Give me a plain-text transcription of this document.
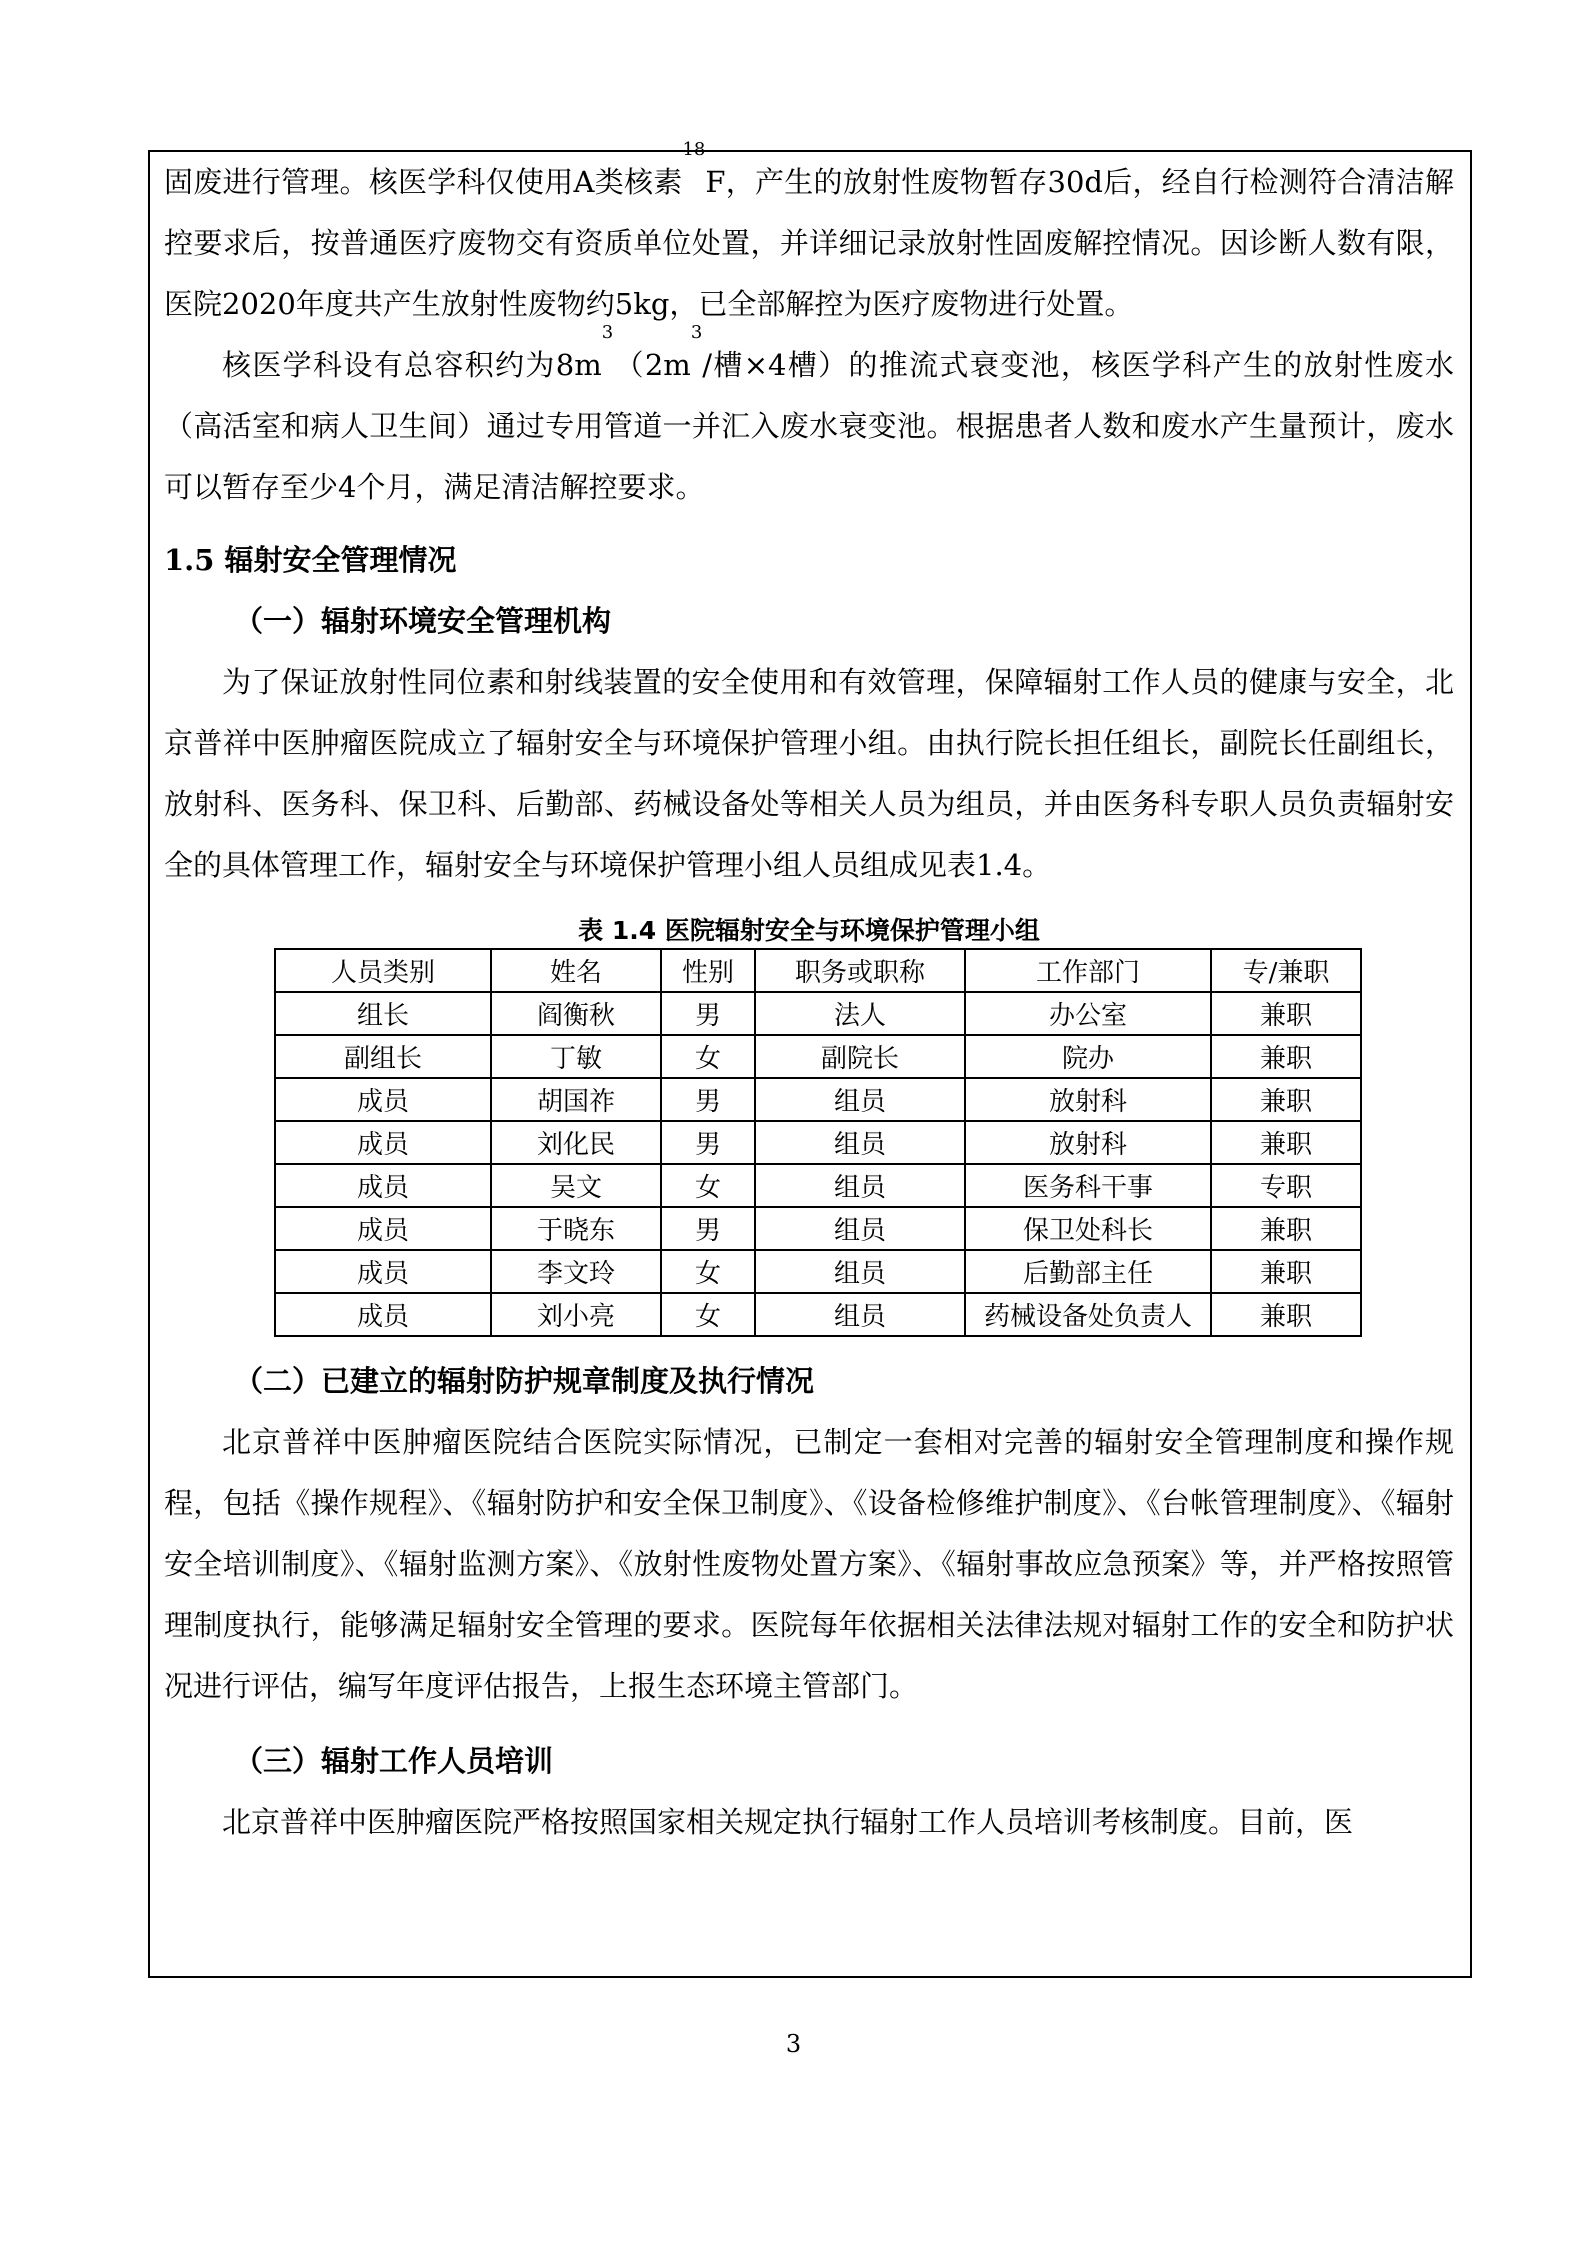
固废进行管理。核医学科仅使用A类核素$^{18}$F，产生的放射性废物暂存30d后，经自行检测符合清洁解控要求后，按普通医疗废物交有资质单位处置，并详细记录放射性固废解控情况。因诊断人数有限，医院2020年度共产生放射性废物约5kg，已全部解控为医疗废物进行处置。

核医学科设有总容积约为$8m^3(2m^3/$槽×4槽）的推流式衰变池，核医学科产生的放射性废水（高活室和病人卫生间）通过专用管道一并汇入废水衰变池。根据患者人数和废水产生量预计，废水可以暂存至少4个月，满足清洁解控要求。

1.5 辐射安全管理情况
（一）辐射环境安全管理机构

为了保证放射性同位素和射线装置的安全使用和有效管理，保障辐射工作人员的健康与安全，北京普祥中医肿瘤医院成立了辐射安全与环境保护管理小组。由执行院长担任组长，副院长任副组长，放射科、医务科、保卫科、后勤部、药械设备处等相关人员为组员，并由医务科专职人员负责辐射安全的具体管理工作，辐射安全与环境保护管理小组人员组成见表1.4。

表 1.4 医院辐射安全与环境保护管理小组
人员类别	姓名	性别	职务或职称	工作部门	专/兼职
组长	阎衡秋	男	法人	办公室	兼职
副组长	丁敏	女	副院长	院办	兼职
成员	胡国祚	男	组员	放射科	兼职
成员	刘化民	男	组员	放射科	兼职
成员	吴文	女	组员	医务科干事	专职
成员	于晓东	男	组员	保卫处科长	兼职
成员	李文玲	女	组员	后勤部主任	兼职
成员	刘小亮	女	组员	药械设备处负责人	兼职
（二）已建立的辐射防护规章制度及执行情况

北京普祥中医肿瘤医院结合医院实际情况，已制定一套相对完善的辐射安全管理制度和操作规程，包括《操作规程》、《辐射防护和安全保卫制度》、《设备检修维护制度》、《台帐管理制度》、《辐射安全培训制度》、《辐射监测方案》、《放射性废物处置方案》、《辐射事故应急预案》等，并严格按照管理制度执行，能够满足辐射安全管理的要求。医院每年依据相关法律法规对辐射工作的安全和防护状况进行评估，编写年度评估报告，上报生态环境主管部门。

（三）辐射工作人员培训

北京普祥中医肿瘤医院严格按照国家相关规定执行辐射工作人员培训考核制度。目前，医

3
